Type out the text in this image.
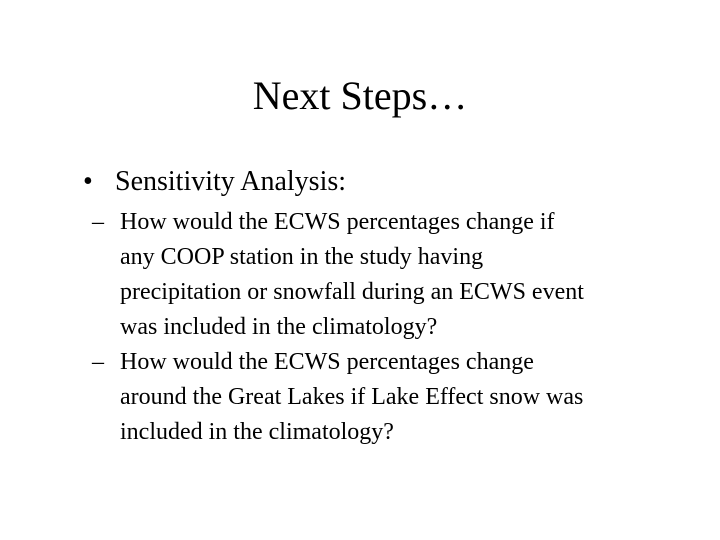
Next Steps…
• Sensitivity Analysis:
– How would the ECWS percentages change if
any COOP station in the study having
precipitation or snowfall during an ECWS event
was included in the climatology?
– How would the ECWS percentages change
around the Great Lakes if Lake Effect snow was
included in the climatology?
